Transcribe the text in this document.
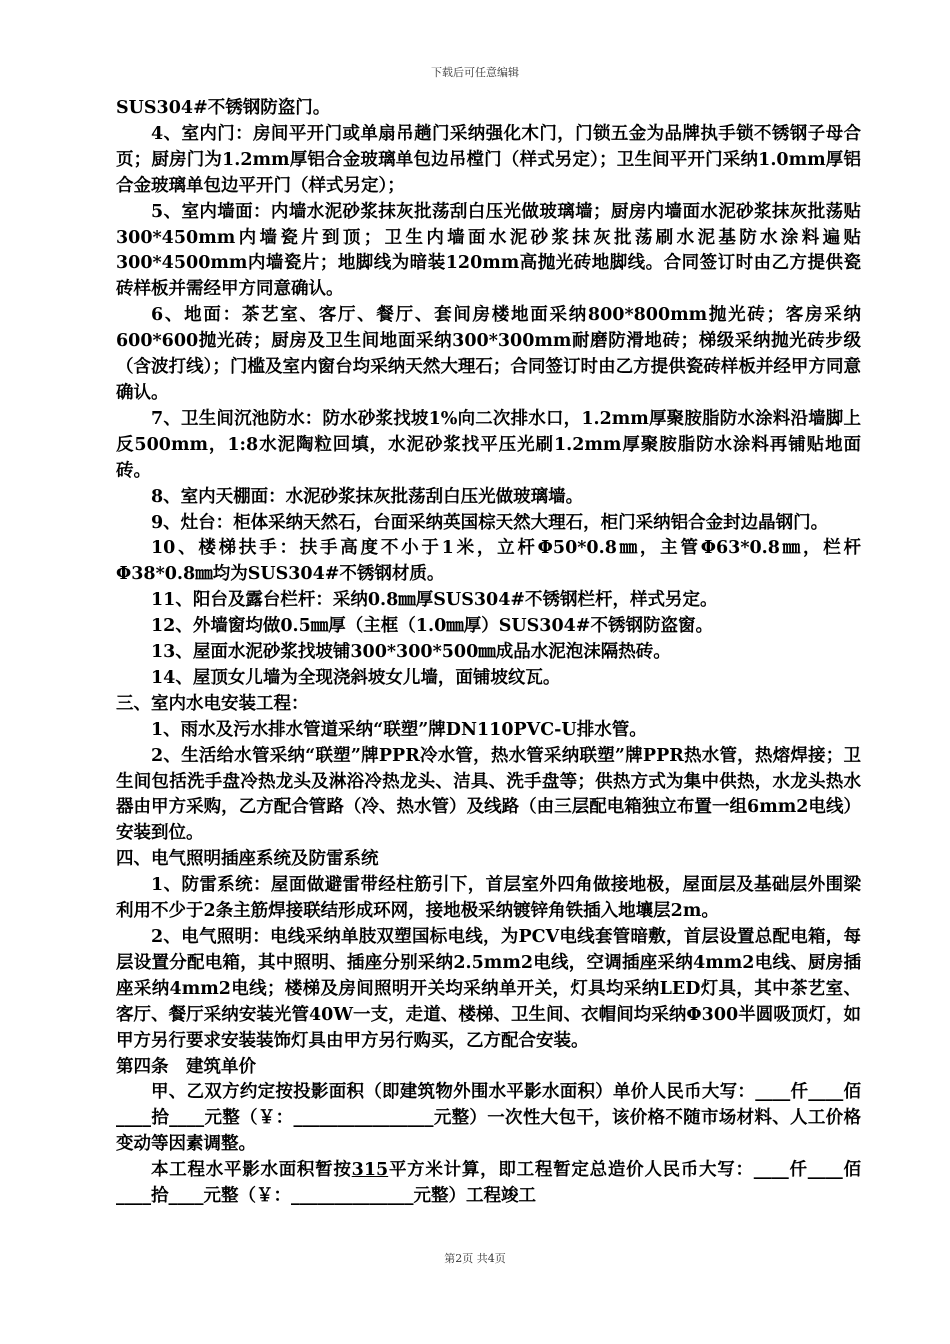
下载后可任意编辑

SUS304#不锈钢防盗门。

4、室内门：房间平开门或单扇吊趟门采纳强化木门，门锁五金为品牌执手锁不锈钢子母合页；厨房门为1.2mm厚铝合金玻璃单包边吊樘门（样式另定）；卫生间平开门采纳1.0mm厚铝合金玻璃单包边平开门（样式另定）；

5、室内墙面：内墙水泥砂浆抹灰批荡刮白压光做玻璃墙；厨房内墙面水泥砂浆抹灰批荡贴300*450mm内墙瓷片到顶；卫生内墙面水泥砂浆抹灰批荡刷水泥基防水涂料遍贴300*4500mm内墙瓷片；地脚线为暗装120mm高抛光砖地脚线。合同签订时由乙方提供瓷砖样板并需经甲方同意确认。

6、地面：茶艺室、客厅、餐厅、套间房楼地面采纳800*800mm抛光砖；客房采纳600*600抛光砖；厨房及卫生间地面采纳300*300mm耐磨防滑地砖；梯级采纳抛光砖步级（含波打线）；门槛及室内窗台均采纳天然大理石；合同签订时由乙方提供瓷砖样板并经甲方同意确认。

7、卫生间沉池防水：防水砂浆找坡1%向二次排水口，1.2mm厚聚胺脂防水涂料沿墙脚上反500mm，1:8水泥陶粒回填，水泥砂浆找平压光刷1.2mm厚聚胺脂防水涂料再铺贴地面砖。

8、室内天棚面：水泥砂浆抹灰批荡刮白压光做玻璃墙。

9、灶台：柜体采纳天然石，台面采纳英国棕天然大理石，柜门采纳铝合金封边晶钢门。

10、楼梯扶手：扶手高度不小于1米，立杆Φ50*0.8㎜，主管Φ63*0.8㎜，栏杆Φ38*0.8㎜均为SUS304#不锈钢材质。

11、阳台及露台栏杆：采纳0.8㎜厚SUS304#不锈钢栏杆，样式另定。

12、外墙窗均做0.5㎜厚（主框（1.0㎜厚）SUS304#不锈钢防盗窗。

13、屋面水泥砂浆找坡铺300*300*500㎜成品水泥泡沫隔热砖。

14、屋顶女儿墙为全现浇斜坡女儿墙，面铺坡纹瓦。

三、室内水电安装工程：

1、雨水及污水排水管道采纳“联塑”牌DN110PVC-U排水管。

2、生活给水管采纳“联塑”牌PPR冷水管，热水管采纳联塑”牌PPR热水管，热熔焊接；卫生间包括洗手盘冷热龙头及淋浴冷热龙头、洁具、洗手盘等；供热方式为集中供热，水龙头热水器由甲方采购，乙方配合管路（冷、热水管）及线路（由三层配电箱独立布置一组6mm2电线）安装到位。

四、电气照明插座系统及防雷系统

1、防雷系统：屋面做避雷带经柱筋引下，首层室外四角做接地极，屋面层及基础层外围梁利用不少于2条主筋焊接联结形成环网，接地极采纳镀锌角铁插入地壤层2m。

2、电气照明：电线采纳单肢双塑国标电线，为PCV电线套管暗敷，首层设置总配电箱，每层设置分配电箱，其中照明、插座分别采纳2.5mm2电线，空调插座采纳4mm2电线、厨房插座采纳4mm2电线；楼梯及房间照明开关均采纳单开关，灯具均采纳LED灯具，其中茶艺室、客厅、餐厅采纳安装光管40W一支，走道、楼梯、卫生间、衣帽间均采纳Φ300半圆吸顶灯，如甲方另行要求安装装饰灯具由甲方另行购买，乙方配合安装。

第四条　建筑单价

甲、乙双方约定按投影面积（即建筑物外围水平影水面积）单价人民币大写：____仟____佰____拾____元整（￥：________________元整）一次性大包干，该价格不随市场材料、人工价格变动等因素调整。

本工程水平影水面积暂按315平方米计算，即工程暂定总造价人民币大写：____仟____佰____拾____元整（￥：______________元整）工程竣工

第2页 共4页
